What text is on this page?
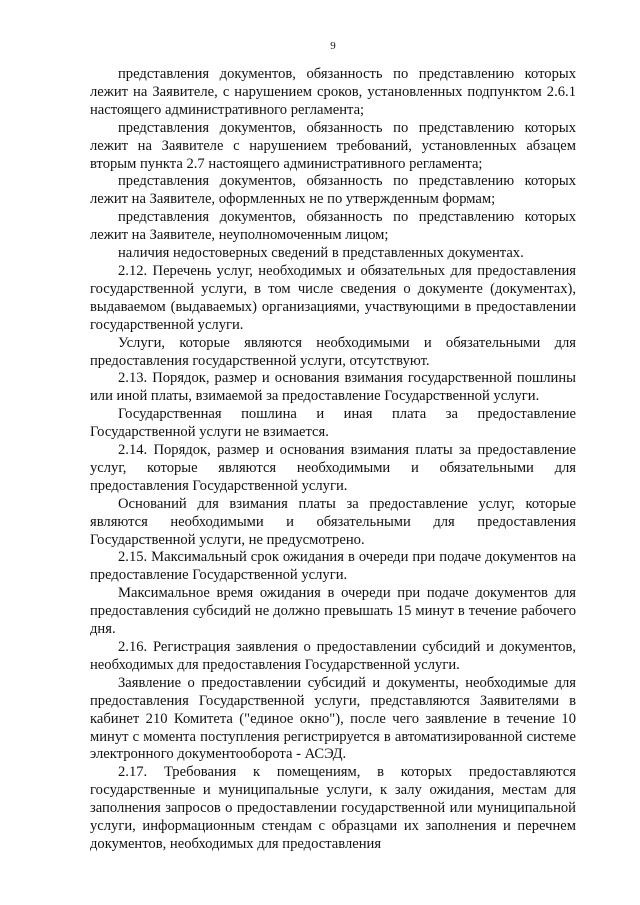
9

представления документов, обязанность по представлению которых лежит на Заявителе, с нарушением сроков, установленных подпунктом 2.6.1 настоящего административного регламента;

представления документов, обязанность по представлению которых лежит на Заявителе с нарушением требований, установленных абзацем вторым пункта 2.7 настоящего административного регламента;

представления документов, обязанность по представлению которых лежит на Заявителе, оформленных не по утвержденным формам;

представления документов, обязанность по представлению которых лежит на Заявителе, неуполномоченным лицом;

наличия недостоверных сведений в представленных документах.

2.12. Перечень услуг, необходимых и обязательных для предоставления государственной услуги, в том числе сведения о документе (документах), выдаваемом (выдаваемых) организациями, участвующими в предоставлении государственной услуги.

Услуги, которые являются необходимыми и обязательными для предоставления государственной услуги, отсутствуют.

2.13. Порядок, размер и основания взимания государственной пошлины или иной платы, взимаемой за предоставление Государственной услуги.

Государственная пошлина и иная плата за предоставление Государственной услуги не взимается.

2.14. Порядок, размер и основания взимания платы за предоставление услуг, которые являются необходимыми и обязательными для предоставления Государственной услуги.

Оснований для взимания платы за предоставление услуг, которые являются необходимыми и обязательными для предоставления Государственной услуги, не предусмотрено.

2.15. Максимальный срок ожидания в очереди при подаче документов на предоставление Государственной услуги.

Максимальное время ожидания в очереди при подаче документов для предоставления субсидий не должно превышать 15 минут в течение рабочего дня.

2.16. Регистрация заявления о предоставлении субсидий и документов, необходимых для предоставления Государственной услуги.

Заявление о предоставлении субсидий и документы, необходимые для предоставления Государственной услуги, представляются Заявителями в кабинет 210 Комитета ("единое окно"), после чего заявление в течение 10 минут с момента поступления регистрируется в автоматизированной системе электронного документооборота - АСЭД.

2.17. Требования к помещениям, в которых предоставляются государственные и муниципальные услуги, к залу ожидания, местам для заполнения запросов о предоставлении государственной или муниципальной услуги, информационным стендам с образцами их заполнения и перечнем документов, необходимых для предоставления
